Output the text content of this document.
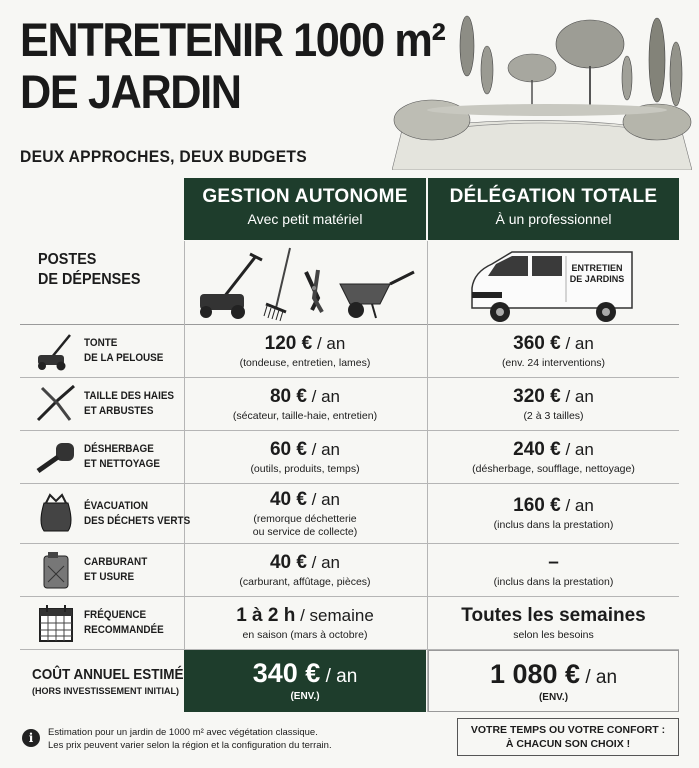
ENTRETENIR 1000 m²
DE JARDIN
DEUX APPROCHES, DEUX BUDGETS
GESTION AUTONOME
Avec petit matériel
DÉLÉGATION TOTALE
À un professionnel
POSTES
DE DÉPENSES
ENTRETIEN
DE JARDINS
TONTE
DE LA PELOUSE
120 € / an
(tondeuse, entretien, lames)
360 € / an
(env. 24 interventions)
TAILLE DES HAIES
ET ARBUSTES
80 € / an
(sécateur, taille-haie, entretien)
320 € / an
(2 à 3 tailles)
DÉSHERBAGE
ET NETTOYAGE
60 € / an
(outils, produits, temps)
240 € / an
(désherbage, soufflage, nettoyage)
ÉVACUATION
DES DÉCHETS VERTS
40 € / an
(remorque déchetterie
ou service de collecte)
160 € / an
(inclus dans la prestation)
CARBURANT
ET USURE
40 € / an
(carburant, affûtage, pièces)
–
(inclus dans la prestation)
FRÉQUENCE
RECOMMANDÉE
1 à 2 h / semaine
en saison (mars à octobre)
Toutes les semaines
selon les besoins
COÛT ANNUEL ESTIMÉ
(HORS INVESTISSEMENT INITIAL)
340 € / an
(ENV.)
1 080 € / an
(ENV.)
i	Estimation pour un jardin de 1000 m² avec végétation classique.
Les prix peuvent varier selon la région et la configuration du terrain.
VOTRE TEMPS OU VOTRE CONFORT :
À CHACUN SON CHOIX !
